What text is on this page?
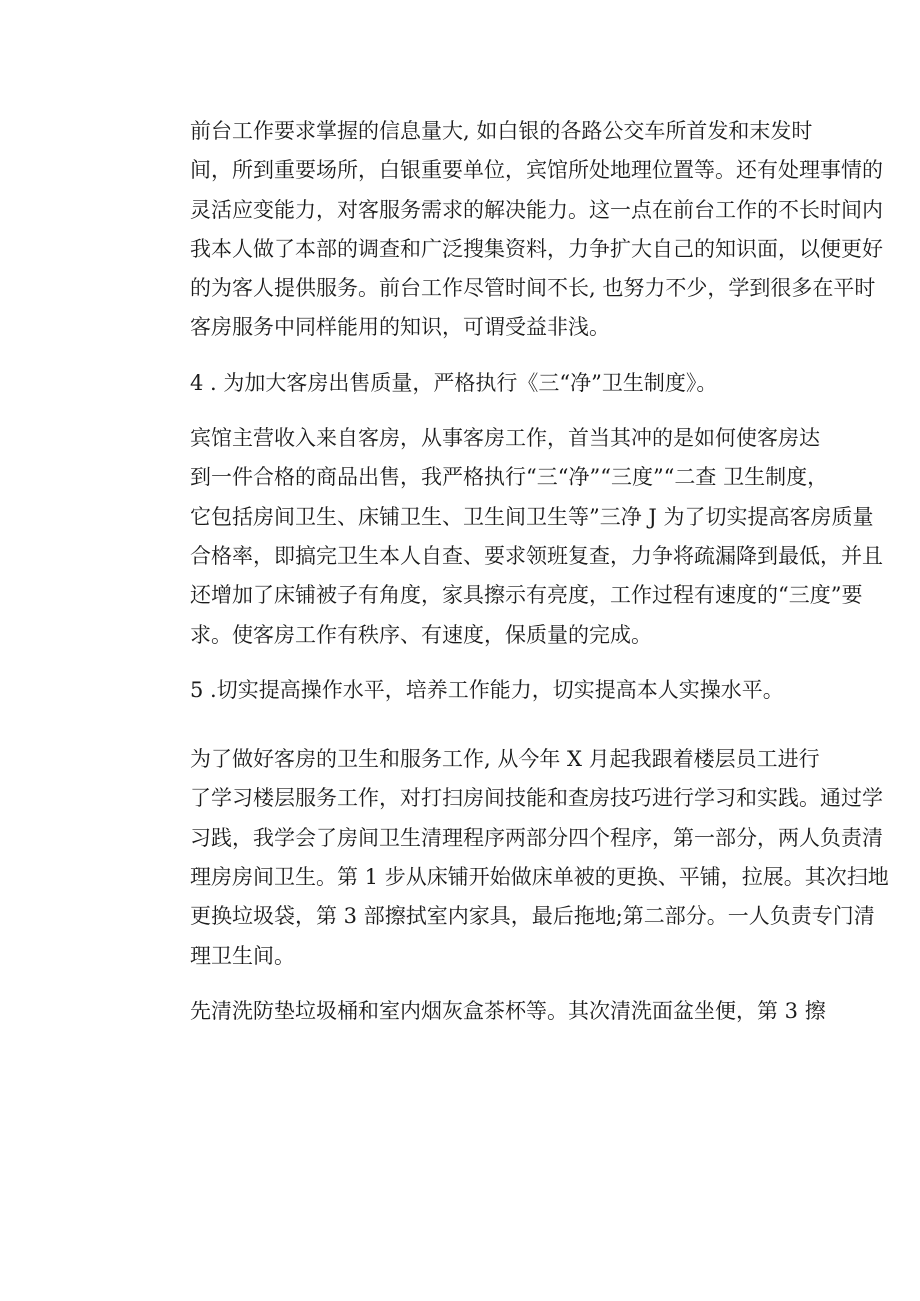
前台工作要求掌握的信息量大, 如白银的各路公交车所首发和末发时
间，所到重要场所，白银重要单位，宾馆所处地理位置等。还有处理事情的
灵活应变能力，对客服务需求的解决能力。这一点在前台工作的不长时间内
我本人做了本部的调查和广泛搜集资料，力争扩大自己的知识面，以便更好
的为客人提供服务。前台工作尽管时间不长, 也努力不少，学到很多在平时
客房服务中同样能用的知识，可谓受益非浅。

4 . 为加大客房出售质量，严格执行《三“净”卫生制度》。

宾馆主营收入来自客房，从事客房工作，首当其冲的是如何使客房达
到一件合格的商品出售，我严格执行“三“净”“三度”“二查 卫生制度，
它包括房间卫生、床铺卫生、卫生间卫生等”三净 J 为了切实提高客房质量
合格率，即搞完卫生本人自查、要求领班复查，力争将疏漏降到最低，并且
还增加了床铺被子有角度，家具擦示有亮度，工作过程有速度的“三度”要
求。使客房工作有秩序、有速度，保质量的完成。

5 .切实提高操作水平，培养工作能力，切实提高本人实操水平。

为了做好客房的卫生和服务工作, 从今年 X 月起我跟着楼层员工进行
了学习楼层服务工作，对打扫房间技能和查房技巧进行学习和实践。通过学
习践，我学会了房间卫生清理程序两部分四个程序，第一部分，两人负责清
理房房间卫生。第 1 步从床铺开始做床单被的更换、平铺，拉展。其次扫地
更换垃圾袋，第 3 部擦拭室内家具，最后拖地;第二部分。一人负责专门清
理卫生间。

先清洗防垫垃圾桶和室内烟灰盒茶杯等。其次清洗面盆坐便，第 3 擦
